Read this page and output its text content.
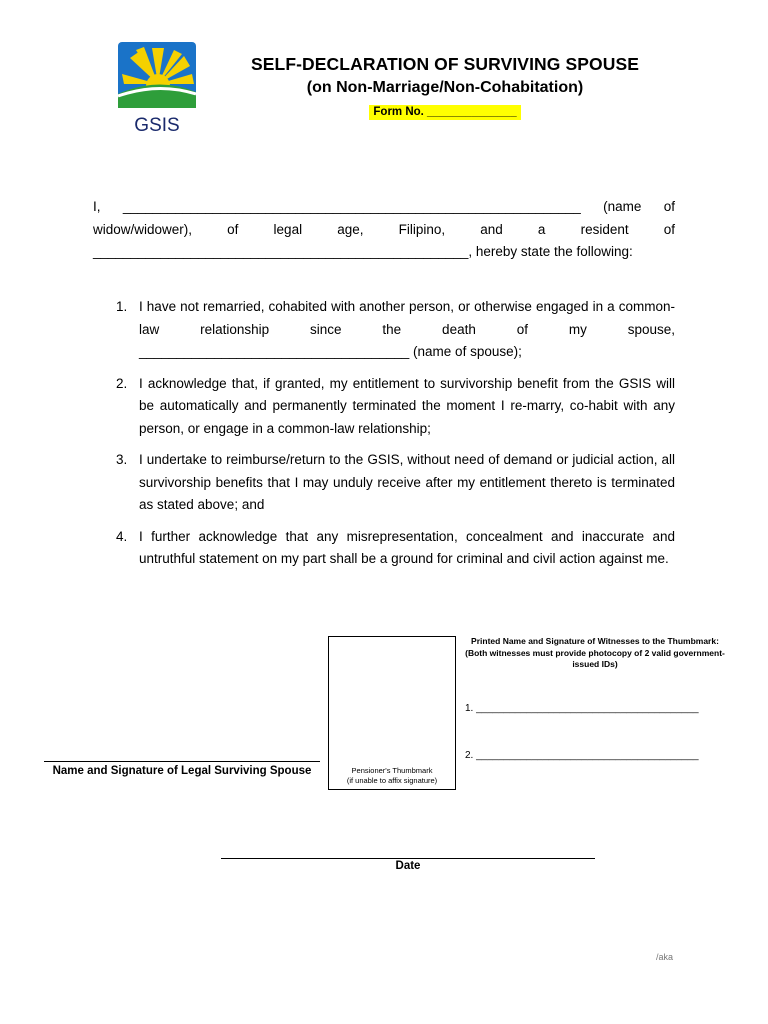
GSIS
SELF-DECLARATION OF SURVIVING SPOUSE
(on Non-Marriage/Non-Cohabitation)
Form No. ______________
I, _____________________________________________________________ (name of widow/widower), of legal age, Filipino, and a resident of __________________________________________________, hereby state the following:
1. I have not remarried, cohabited with another person, or otherwise engaged in a common-law relationship since the death of my spouse, ____________________________________ (name of spouse);
2. I acknowledge that, if granted, my entitlement to survivorship benefit from the GSIS will be automatically and permanently terminated the moment I re-marry, co-habit with any person, or engage in a common-law relationship;
3. I undertake to reimburse/return to the GSIS, without need of demand or judicial action, all survivorship benefits that I may unduly receive after my entitlement thereto is terminated as stated above; and
4. I further acknowledge that any misrepresentation, concealment and inaccurate and untruthful statement on my part shall be a ground for criminal and civil action against me.
Pensioner's Thumbmark
(if unable to affix signature)
Printed Name and Signature of Witnesses to the Thumbmark:
(Both witnesses must provide photocopy of 2 valid government-issued IDs)
1. ________________________________________
2. ________________________________________
Name and Signature of Legal Surviving Spouse
Date
/aka
